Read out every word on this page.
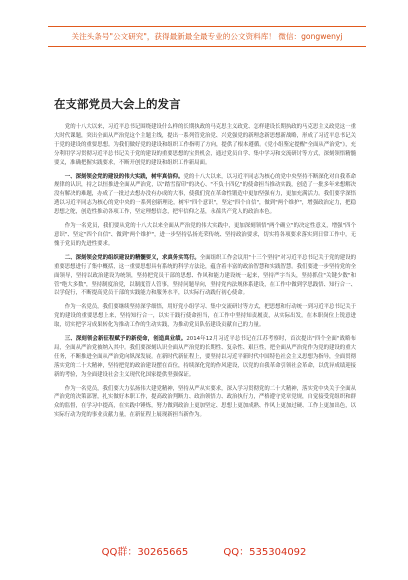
关注头条号"公文研究"，获得最新最全最专业的公文资料库！ 微信：gongwenyj
在支部党员大会上的发言

党的十八大以来，习近平总书记围绕建设什么样的长期执政的马克思主义政党、怎样建设长期执政的马克思主义政党这一重大时代课题，突出全面从严治党这个主题主线，提出一系列管党治党、兴党强党的新理念新思想新战略，形成了习近平总书记关于党的建设的重要思想。为我们做好党的建设和组织工作指明了方向，提供了根本遵循。《党小组鉴定提醒"全面从严治党"》，充分利用学习贯彻习近平总书记关于党的建设的重要思想的宝贵机会，通过党员自学、集中学习和交流研讨等方式，深刻领悟精髓要义，准确把握实践要求，不断开创党的建设和组织工作新局面。

一、深刻领会党的建设的伟大实践，树牢真信仰。党的十八大以来，以习近平同志为核心的党中央坚持不断深化对自我革命规律的认识，持之以恒推进全面从严治党，以"踏雪留印"的决心、"不负十四亿"的使命担当推动实践，创造了一批多年来想解决没有解决的难题，办成了一批过去想办没有办成的大事，使我们党在革命性锻造中更加坚强有力，更加充满活力。我们要学深悟透以习近平同志为核心的党中央的一系列创新理论，树牢"四个意识"，坚定"四个自信"，做到"两个维护"，增强政治定力，把稳思想之舵，创造性推动各项工作，坚定理想信念，把牢信仰之基，永葆共产党人的政治本色。

作为一名党员，我们要从党的十八大以来全面从严治党的伟大实践中，更加深刻领悟"两个确立"的决定性意义，增强"四个意识"、坚定"四个自信"、做到"两个维护"，进一步坚持弘扬光荣传统、坚持政治要求，切实将各项要求落实到日常工作中，无愧于党员的先进性要求。

二、深刻领会党的组织建设的精髓要义，求真务实笃行。全面组织工作会议用"十三个坚持"对习近平总书记关于党的建设的重要思想进行了集中概括，这一重要思想具有系统的科学方法论，蕴含着丰富的政治智慧和实践智慧。我们要进一步坚持党的全面领导，坚持以政治建设为统领，坚持把党员干部的思想、作风和能力建设统一起来，坚持严字当头，坚持抓住"关键少数"和管"绝大多数"，坚持制度治党，以制度管人管事，坚持问题导向，坚持党内法规体系建设，在工作中做到学思践悟、知行合一、以学促行，不断提高党员干部的实践能力和服务水平，以实际行动践行初心使命。

作为一名党员，我们要继续坚持深学细悟，用好党小组学习、集中交流研讨等方式，把思想和行动统一到习近平总书记关于党的建设的重要思想上来，坚持知行合一，以实干践行使命担当，在工作中坚持知责履责，从实际出发，在本职岗位上锐意进取，切实把学习成果转化为推动工作的生动实践，为推动党员队伍建设贡献自己的力量。

三、深刻领会新征程赋予的新使命，创造真业绩。2014年12月习近平总书记在江苏考察时，首次提出"四个全面"战略布局，全面从严治党被纳入其中。我们要深刻认识全面从严治党的长期性、复杂性、艰巨性，把全面从严治党作为党的建设的重大任务，不断推进全面从严治党向纵深发展。在新时代新征程上，要坚持以习近平新时代中国特色社会主义思想为指导，全面贯彻落实党的二十大精神，坚持把党的政治建设摆在首位，持续深化党的作风建设，以党的自我革命引领社会革命，以优异成绩迎接新的考验，为全面建设社会主义现代化国家提供坚强保证。

作为一名党员，我们要大力弘扬伟大建党精神，坚持从严从实要求，深入学习贯彻党的二十大精神，落实党中央关于全面从严治党的决策部署，扎实做好本职工作，提高政治判断力、政治领悟力、政治执行力，严格遵守党章党规，自觉接受党组织和群众的监督，在学习中提高，在实践中锤炼，努力做到政治上更加坚定、思想上更加成熟、作风上更加过硬、工作上更加出色，以实际行动为党的事业贡献力量，在新征程上展现新担当新作为。

QQ群：30265665	QQ：535304092
